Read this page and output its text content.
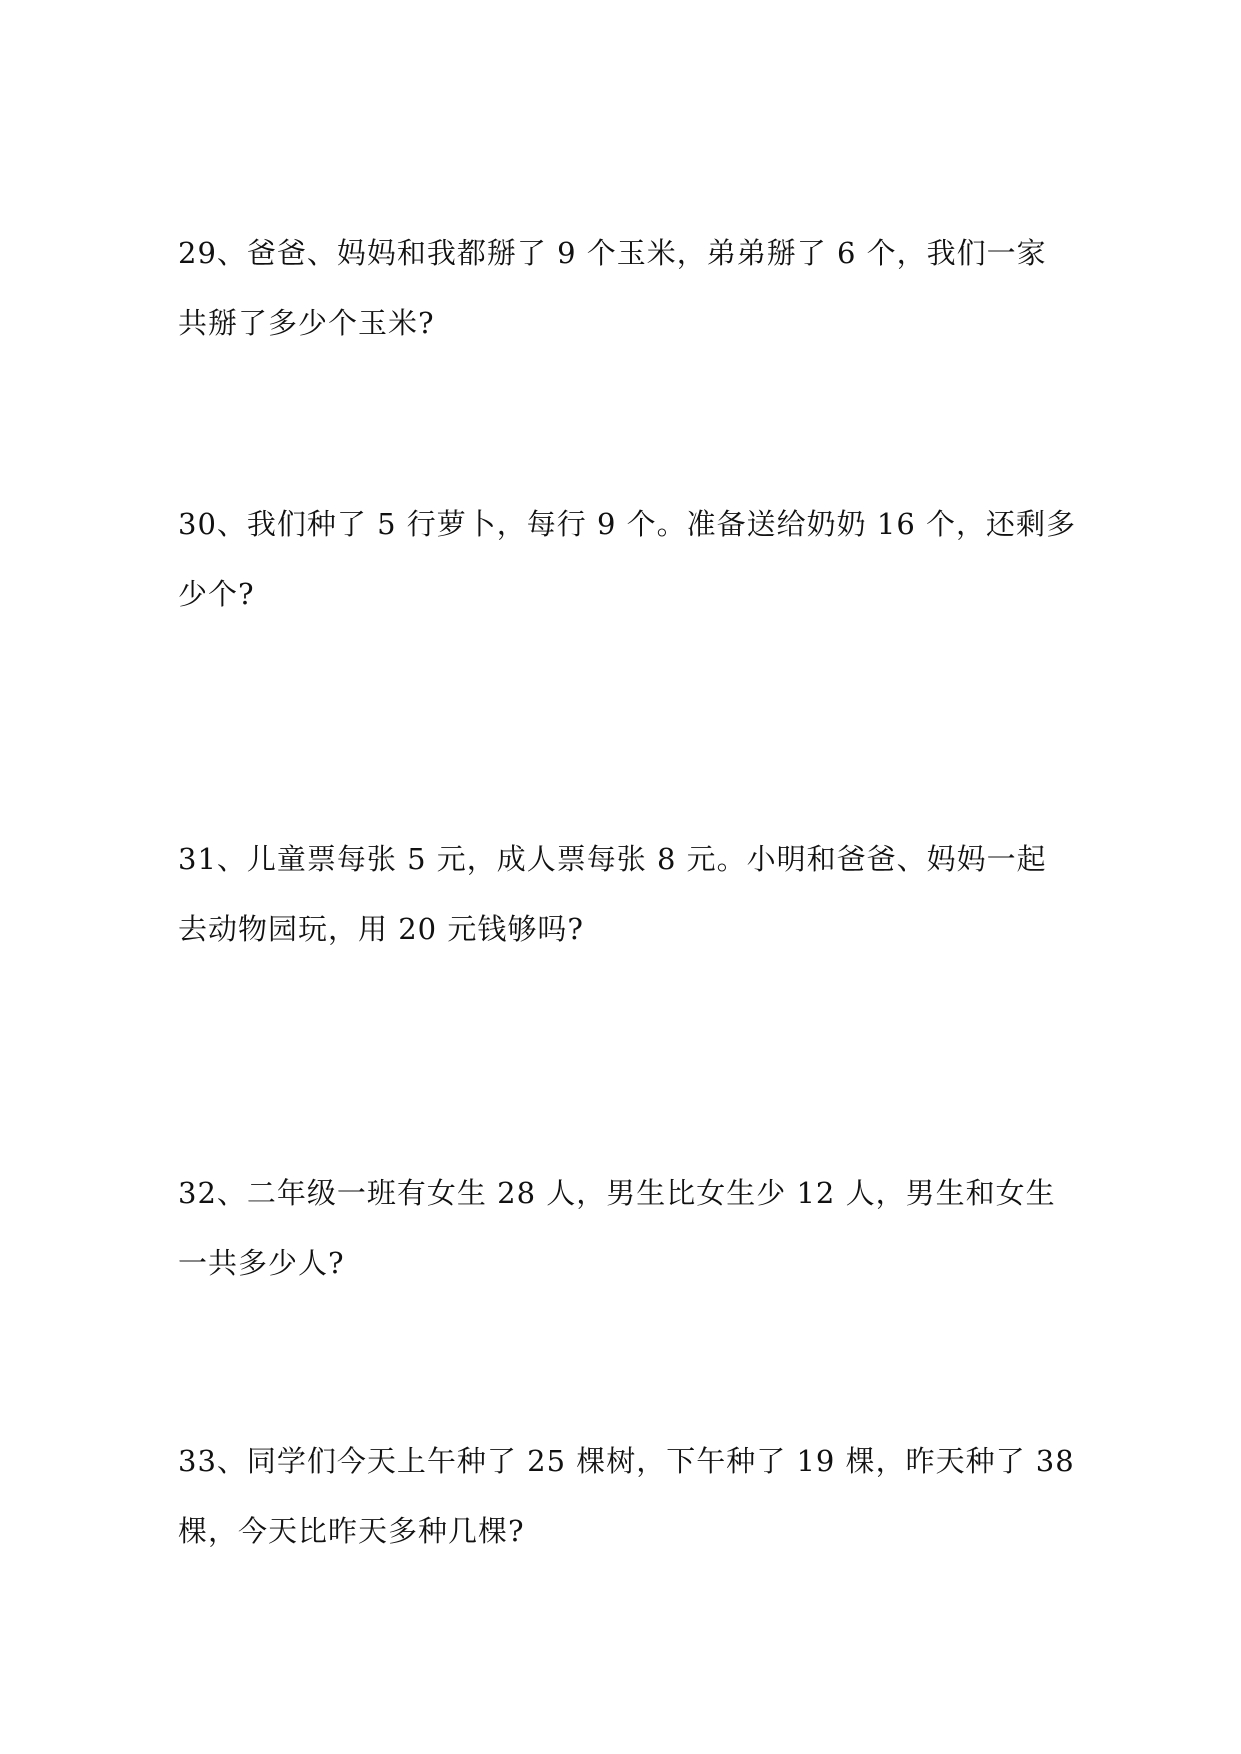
29、爸爸、妈妈和我都掰了 9 个玉米，弟弟掰了 6 个，我们一家
共掰了多少个玉米?
30、我们种了 5 行萝卜，每行 9 个。准备送给奶奶 16 个，还剩多
少个?
31、儿童票每张 5 元，成人票每张 8 元。小明和爸爸、妈妈一起
去动物园玩，用 20 元钱够吗?
32、二年级一班有女生 28 人，男生比女生少 12 人，男生和女生
一共多少人?
33、同学们今天上午种了 25 棵树，下午种了 19 棵，昨天种了 38
棵，今天比昨天多种几棵?
